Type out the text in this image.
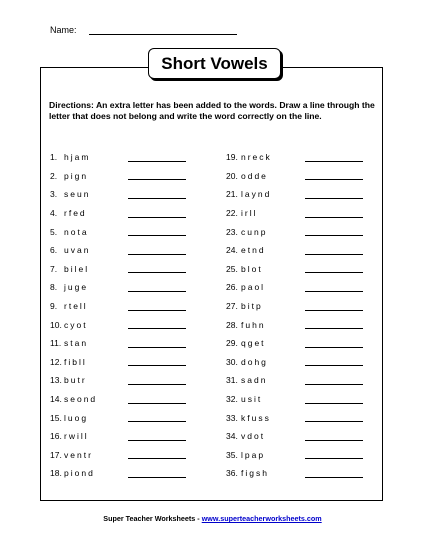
Name:
Short Vowels
Directions: An extra letter has been added to the words. Draw a line through the letter that does not belong and write the word correctly on the line.
1. hjam
2. pign
3. seun
4. rfed
5. nota
6. uvan
7. bilel
8. juge
9. rtell
10. cyot
11. stan
12. fibll
13. butr
14. seond
15. luog
16. rwill
17. ventr
18. piond
19. nreck
20. odde
21. laynd
22. irll
23. cunp
24. etnd
25. blot
26. paol
27. bitp
28. fuhn
29. qget
30. dohg
31. sadn
32. usit
33. kfuss
34. vdot
35. lpap
36. figsh
Super Teacher Worksheets - www.superteacherworksheets.com
